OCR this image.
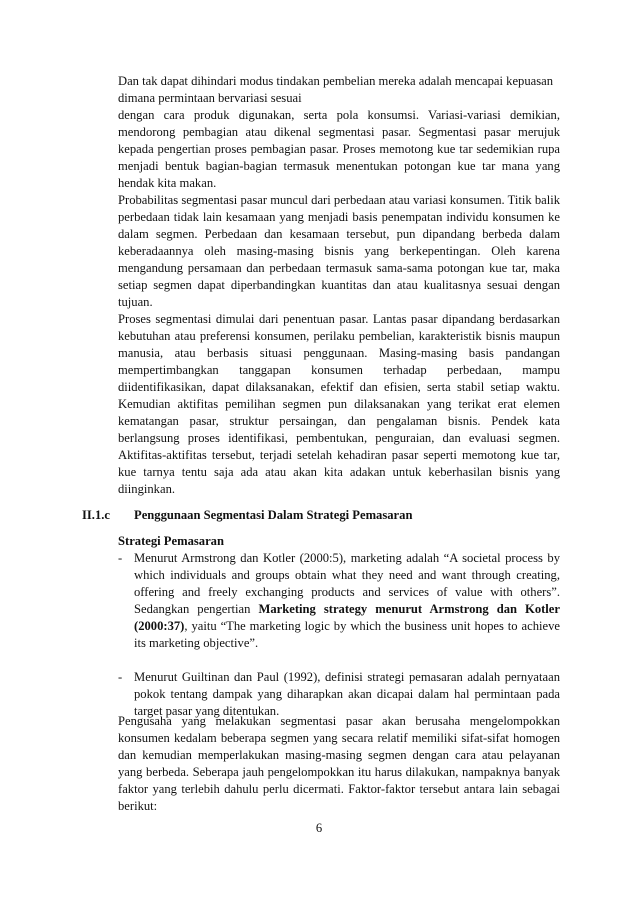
Dan tak dapat dihindari modus tindakan pembelian mereka adalah mencapai kepuasan dimana permintaan bervariasi sesuai

dengan cara produk digunakan, serta pola konsumsi. Variasi-variasi demikian, mendorong pembagian atau dikenal segmentasi pasar. Segmentasi pasar merujuk kepada pengertian proses pembagian pasar. Proses memotong kue tar sedemikian rupa menjadi bentuk bagian-bagian termasuk menentukan potongan kue tar mana yang hendak kita makan.

Probabilitas segmentasi pasar muncul dari perbedaan atau variasi konsumen. Titik balik perbedaan tidak lain kesamaan yang menjadi basis penempatan individu konsumen ke dalam segmen. Perbedaan dan kesamaan tersebut, pun dipandang berbeda dalam keberadaannya oleh masing-masing bisnis yang berkepentingan. Oleh karena mengandung persamaan dan perbedaan termasuk sama-sama potongan kue tar, maka setiap segmen dapat diperbandingkan kuantitas dan atau kualitasnya sesuai dengan tujuan.

Proses segmentasi dimulai dari penentuan pasar. Lantas pasar dipandang berdasarkan kebutuhan atau preferensi konsumen, perilaku pembelian, karakteristik bisnis maupun manusia, atau berbasis situasi penggunaan. Masing-masing basis pandangan mempertimbangkan tanggapan konsumen terhadap perbedaan, mampu diidentifikasikan, dapat dilaksanakan, efektif dan efisien, serta stabil setiap waktu. Kemudian aktifitas pemilihan segmen pun dilaksanakan yang terikat erat elemen kematangan pasar, struktur persaingan, dan pengalaman bisnis. Pendek kata berlangsung proses identifikasi, pembentukan, penguraian, dan evaluasi segmen. Aktifitas-aktifitas tersebut, terjadi setelah kehadiran pasar seperti memotong kue tar, kue tarnya tentu saja ada atau akan kita adakan untuk keberhasilan bisnis yang diinginkan.

II.1.c Penggunaan Segmentasi Dalam Strategi Pemasaran

Strategi Pemasaran

- Menurut Armstrong dan Kotler (2000:5), marketing adalah “A societal process by which individuals and groups obtain what they need and want through creating, offering and freely exchanging products and services of value with others”. Sedangkan pengertian Marketing strategy menurut Armstrong dan Kotler (2000:37), yaitu “The marketing logic by which the business unit hopes to achieve its marketing objective”.

- Menurut Guiltinan dan Paul (1992), definisi strategi pemasaran adalah pernyataan pokok tentang dampak yang diharapkan akan dicapai dalam hal permintaan pada target pasar yang ditentukan.

Pengusaha yang melakukan segmentasi pasar akan berusaha mengelompokkan konsumen kedalam beberapa segmen yang secara relatif memiliki sifat-sifat homogen dan kemudian memperlakukan masing-masing segmen dengan cara atau pelayanan yang berbeda. Seberapa jauh pengelompokkan itu harus dilakukan, nampaknya banyak faktor yang terlebih dahulu perlu dicermati. Faktor-faktor tersebut antara lain sebagai berikut:

6
